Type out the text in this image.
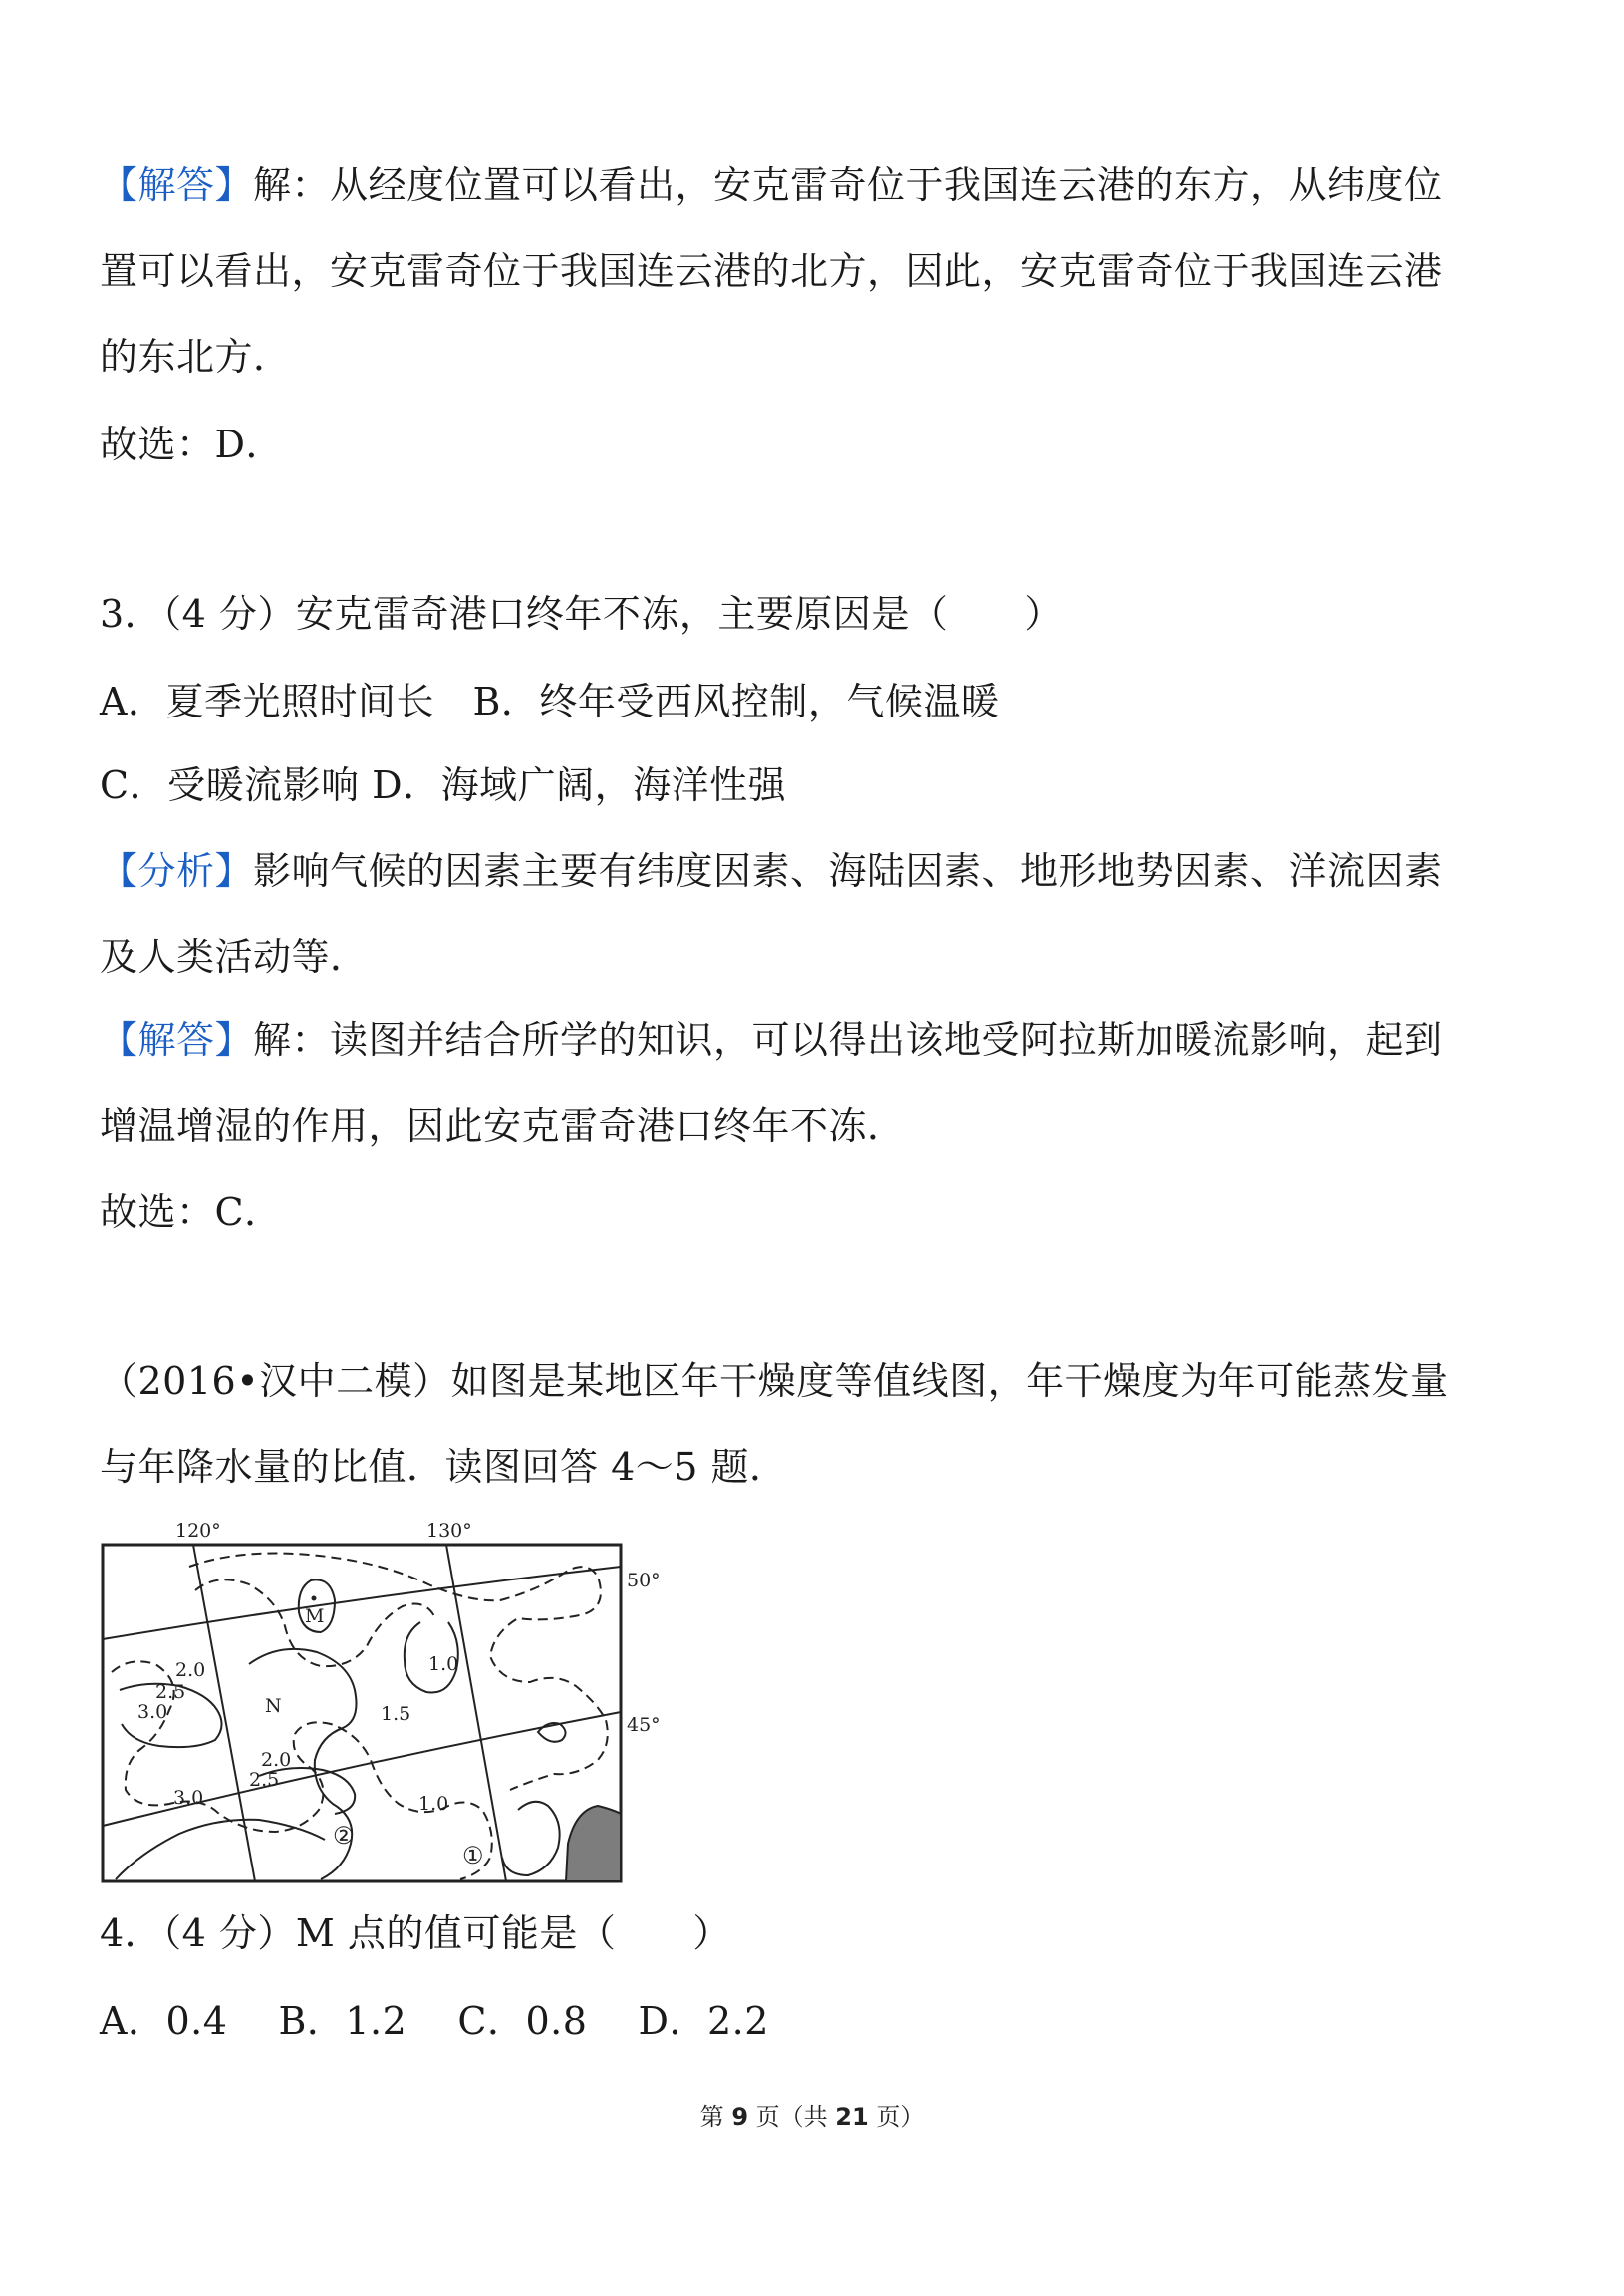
【解答】解：从经度位置可以看出，安克雷奇位于我国连云港的东方，从纬度位
置可以看出，安克雷奇位于我国连云港的北方，因此，安克雷奇位于我国连云港
的东北方．
故选：D．
3．（4 分）安克雷奇港口终年不冻，主要原因是（　　）
A．夏季光照时间长　B．终年受西风控制，气候温暖
C．受暖流影响 D．海域广阔，海洋性强
【分析】影响气候的因素主要有纬度因素、海陆因素、地形地势因素、洋流因素
及人类活动等．
【解答】解：读图并结合所学的知识，可以得出该地受阿拉斯加暖流影响，起到
增温增湿的作用，因此安克雷奇港口终年不冻．
故选：C．
（2016•汉中二模）如图是某地区年干燥度等值线图，年干燥度为年可能蒸发量
与年降水量的比值．读图回答 4～5 题．
120°	130°
50°
45°
M
N
2.0
2.5
3.0
1.0
1.5
2.0
2.5
3.0	1.0
①
②
4．（4 分）M 点的值可能是（　　）
A．0.4　 B．1.2　 C．0.8　 D．2.2
第 9 页（共 21 页）
